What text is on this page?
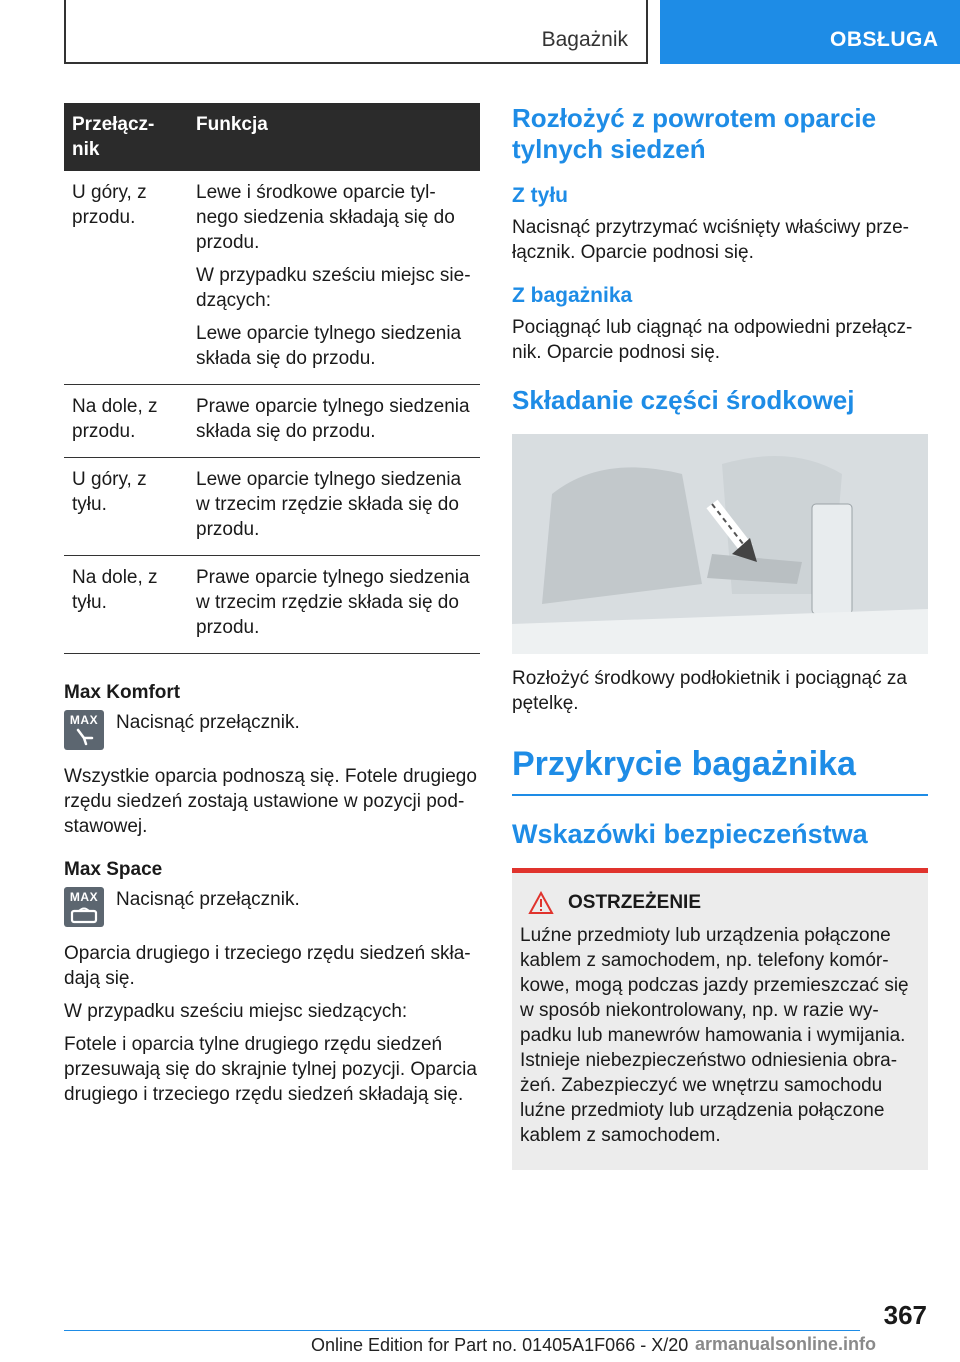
Bagażnik	OBSŁUGA
Przełącz-nik	Funkcja
U góry, z przodu.	Lewe i środkowe oparcie tyl-nego siedzenia składają się do przodu.

W przypadku sześciu miejsc sie-dzących:

Lewe oparcie tylnego siedzenia składa się do przodu.

Na dole, z przodu.	Prawe oparcie tylnego siedzenia składa się do przodu.

U góry, z tyłu.	Lewe oparcie tylnego siedzenia w trzecim rzędzie składa się do przodu.

Na dole, z tyłu.	Prawe oparcie tylnego siedzenia w trzecim rzędzie składa się do przodu.

Max Komfort

MAX Nacisnąć przełącznik.

Wszystkie oparcia podnoszą się. Fotele drugiego rzędu siedzeń zostają ustawione w pozycji pod-stawowej.

Max Space

MAX Nacisnąć przełącznik.

Oparcia drugiego i trzeciego rzędu siedzeń skła-dają się.

W przypadku sześciu miejsc siedzących:

Fotele i oparcia tylne drugiego rzędu siedzeń przesuwają się do skrajnie tylnej pozycji. Oparcia drugiego i trzeciego rzędu siedzeń składają się.

Rozłożyć z powrotem oparcie tylnych siedzeń
Z tyłu

Nacisnąć przytrzymać wciśnięty właściwy prze-łącznik. Oparcie podnosi się.

Z bagażnika

Pociągnąć lub ciągnąć na odpowiedni przełącz-nik. Oparcie podnosi się.

Składanie części środkowej

Rozłożyć środkowy podłokietnik i pociągnąć za pętelkę.

Przykrycie bagażnika
Wskazówki bezpieczeństwa
OSTRZEŻENIE

Luźne przedmioty lub urządzenia połączone kablem z samochodem, np. telefony komór-kowe, mogą podczas jazdy przemieszczać się w sposób niekontrolowany, np. w razie wy-padku lub manewrów hamowania i wymijania. Istnieje niebezpieczeństwo odniesienia obra-żeń. Zabezpieczyć we wnętrzu samochodu luźne przedmioty lub urządzenia połączone kablem z samochodem.

367
Online Edition for Part no. 01405A1F066 - X/20 armanualsonline.info
